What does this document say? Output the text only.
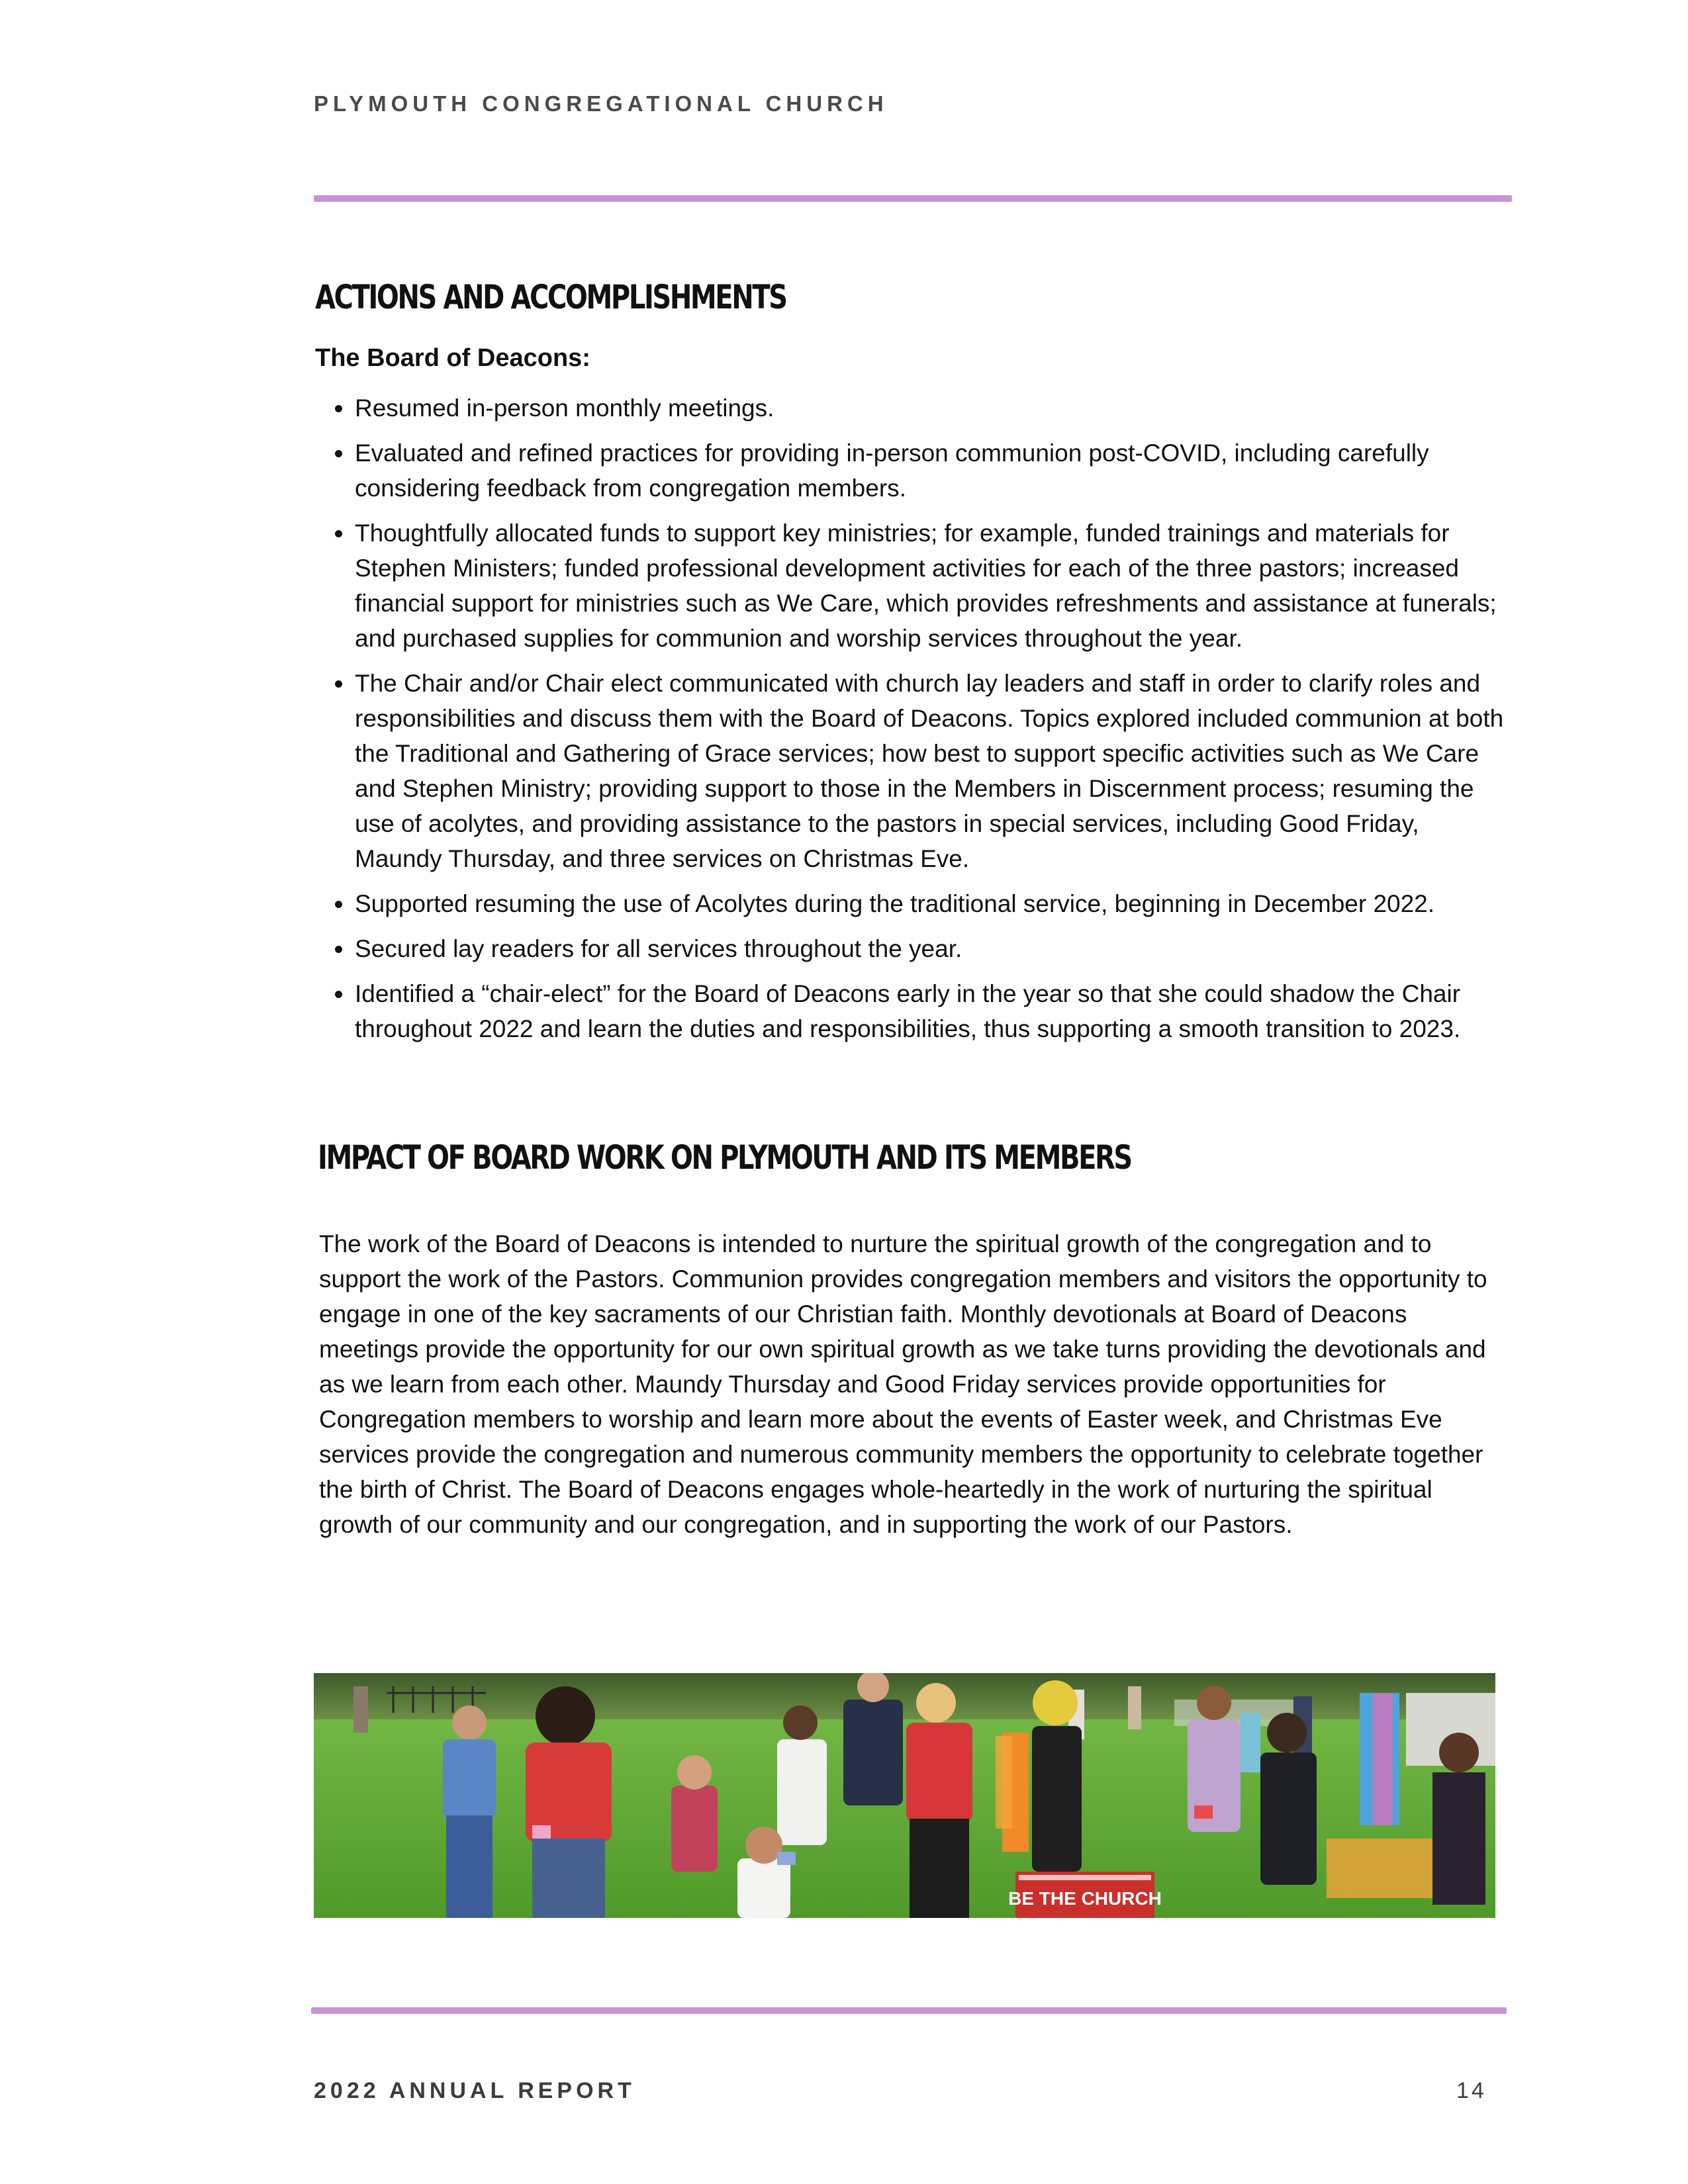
PLYMOUTH CONGREGATIONAL CHURCH

ACTIONS AND ACCOMPLISHMENTS

The Board of Deacons:

Resumed in-person monthly meetings.
Evaluated and refined practices for providing in-person communion post-COVID, including carefully considering feedback from congregation members.
Thoughtfully allocated funds to support key ministries; for example, funded trainings and materials for Stephen Ministers; funded professional development activities for each of the three pastors; increased financial support for ministries such as We Care, which provides refreshments and assistance at funerals; and purchased supplies for communion and worship services throughout the year.
The Chair and/or Chair elect communicated with church lay leaders and staff in order to clarify roles and responsibilities and discuss them with the Board of Deacons. Topics explored included communion at both the Traditional and Gathering of Grace services; how best to support specific activities such as We Care and Stephen Ministry; providing support to those in the Members in Discernment process; resuming the use of acolytes, and providing assistance to the pastors in special services, including Good Friday, Maundy Thursday, and three services on Christmas Eve.
Supported resuming the use of Acolytes during the traditional service, beginning in December 2022.
Secured lay readers for all services throughout the year.
Identified a “chair-elect” for the Board of Deacons early in the year so that she could shadow the Chair throughout 2022 and learn the duties and responsibilities, thus supporting a smooth transition to 2023.
IMPACT OF BOARD WORK ON PLYMOUTH AND ITS MEMBERS

The work of the Board of Deacons is intended to nurture the spiritual growth of the congregation and to support the work of the Pastors. Communion provides congregation members and visitors the opportunity to engage in one of the key sacraments of our Christian faith. Monthly devotionals at Board of Deacons meetings provide the opportunity for our own spiritual growth as we take turns providing the devotionals and as we learn from each other. Maundy Thursday and Good Friday services provide opportunities for Congregation members to worship and learn more about the events of Easter week, and Christmas Eve services provide the congregation and numerous community members the opportunity to celebrate together the birth of Christ. The Board of Deacons engages whole-heartedly in the work of nurturing the spiritual growth of our community and our congregation, and in supporting the work of our Pastors.

BE THE CHURCH

2022 ANNUAL REPORT	14
